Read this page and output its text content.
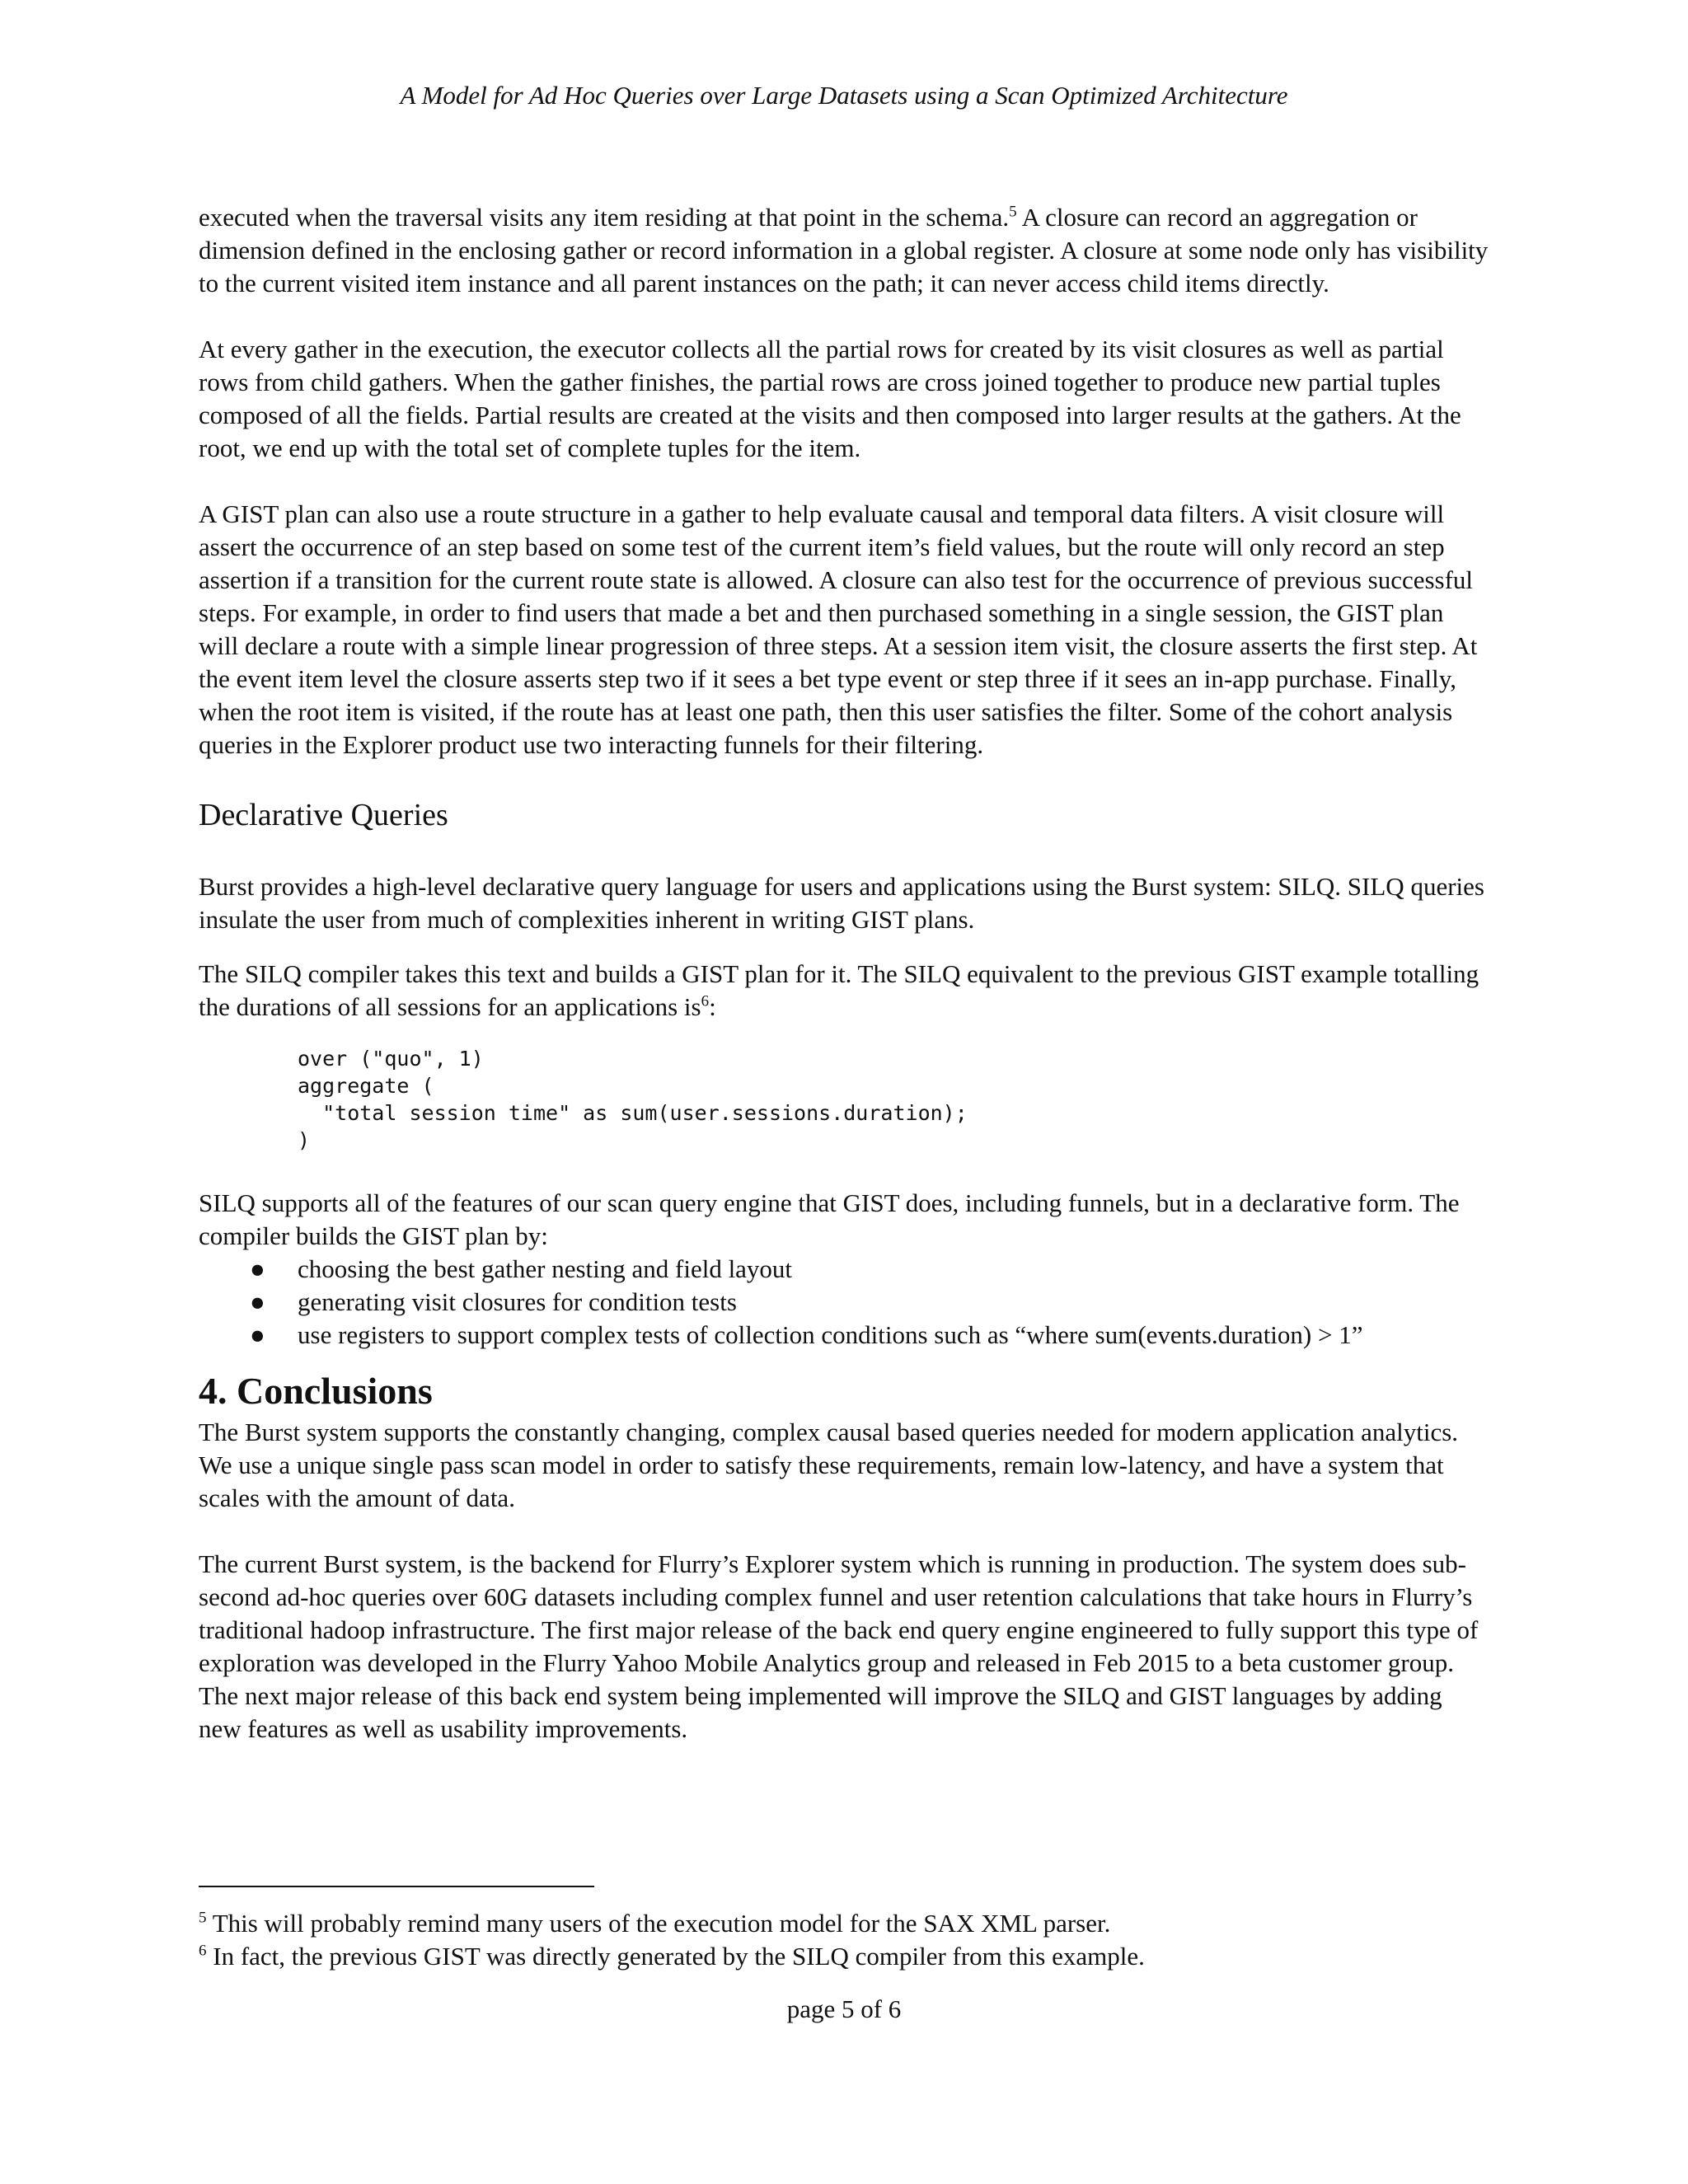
A Model for Ad Hoc Queries over Large Datasets using a Scan Optimized Architecture

executed when the traversal visits any item residing at that point in the schema.$^5$ A closure can record an aggregation or dimension defined in the enclosing gather or record information in a global register. A closure at some node only has visibility to the current visited item instance and all parent instances on the path; it can never access child items directly.

At every gather in the execution, the executor collects all the partial rows for created by its visit closures as well as partial rows from child gathers. When the gather finishes, the partial rows are cross joined together to produce new partial tuples composed of all the fields. Partial results are created at the visits and then composed into larger results at the gathers. At the root, we end up with the total set of complete tuples for the item.

A GIST plan can also use a route structure in a gather to help evaluate causal and temporal data filters. A visit closure will assert the occurrence of an step based on some test of the current item’s field values, but the route will only record an step assertion if a transition for the current route state is allowed. A closure can also test for the occurrence of previous successful steps. For example, in order to find users that made a bet and then purchased something in a single session, the GIST plan will declare a route with a simple linear progression of three steps. At a session item visit, the closure asserts the first step. At the event item level the closure asserts step two if it sees a bet type event or step three if it sees an in-app purchase. Finally, when the root item is visited, if the route has at least one path, then this user satisfies the filter. Some of the cohort analysis queries in the Explorer product use two interacting funnels for their filtering.

Declarative Queries

Burst provides a high-level declarative query language for users and applications using the Burst system: SILQ. SILQ queries insulate the user from much of complexities inherent in writing GIST plans.

The SILQ compiler takes this text and builds a GIST plan for it. The SILQ equivalent to the previous GIST example totalling the durations of all sessions for an applications $is^6$:

over ("quo", 1)
aggregate (
"total session time" as sum(user.sessions.duration);
)

SILQ supports all of the features of our scan query engine that GIST does, including funnels, but in a declarative form. The compiler builds the GIST plan by:

● choosing the best gather nesting and field layout
● generating visit closures for condition tests
● use registers to support complex tests of collection conditions such as “where sum(events.duration) > 1”
4. Conclusions

The Burst system supports the constantly changing, complex causal based queries needed for modern application analytics. We use a unique single pass scan model in order to satisfy these requirements, remain low-latency, and have a system that scales with the amount of data.

The current Burst system, is the backend for Flurry’s Explorer system which is running in production. The system does sub-second ad-hoc queries over 60G datasets including complex funnel and user retention calculations that take hours in Flurry’s traditional hadoop infrastructure. The first major release of the back end query engine engineered to fully support this type of exploration was developed in the Flurry Yahoo Mobile Analytics group and released in Feb 2015 to a beta customer group. The next major release of this back end system being implemented will improve the SILQ and GIST languages by adding new features as well as usability improvements.

$^5$ This will probably remind many users of the execution model for the SAX XML parser.
$^6$ In fact, the previous GIST was directly generated by the SILQ compiler from this example.
page 5 of 6
